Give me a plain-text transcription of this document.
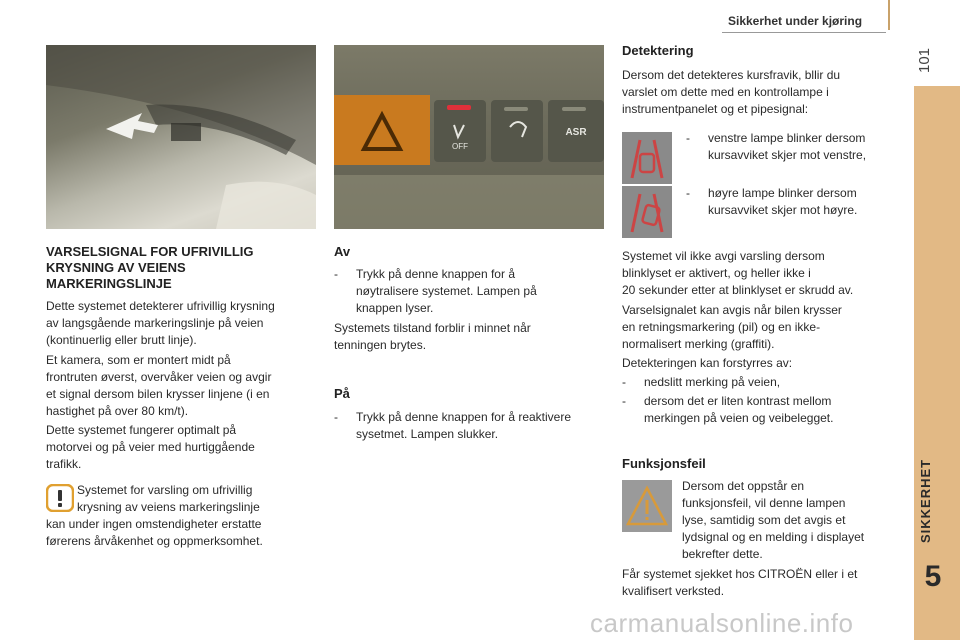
Sikkerhet under kjøring
101
SIKKERHET
5
OFF
ASR
VARSELSIGNAL FOR UFRIVILLIG
KRYSNING AV VEIENS
MARKERINGSLINJE

Dette systemet detekterer ufrivillig krysning

av langsgående markeringslinje på veien

(kontinuerlig eller brutt linje).

Et kamera, som er montert midt på

frontruten øverst, overvåker veien og avgir

et signal dersom bilen krysser linjene (i en

hastighet på over 80 km/t).

Dette systemet fungerer optimalt på

motorvei og på veier med hurtiggående

trafikk.

Systemet for varsling om ufrivillig

krysning av veiens markeringslinje

kan under ingen omstendigheter erstatte

førerens årvåkenhet og oppmerksomhet.

Av
- Trykk på denne knappen for å

nøytralisere systemet. Lampen på

knappen lyser.

Systemets tilstand forblir i minnet når

tenningen brytes.

På
- Trykk på denne knappen for å reaktivere

sysetmet. Lampen slukker.

Detektering

Dersom det detekteres kursfravik, bllir du

varslet om dette med en kontrollampe i

instrumentpanelet og et pipesignal:

- venstre lampe blinker dersom

kursavviket skjer mot venstre,

- høyre lampe blinker dersom

kursavviket skjer mot høyre.

Systemet vil ikke avgi varsling dersom

blinklyset er aktivert, og heller ikke i

20 sekunder etter at blinklyset er skrudd av.

Varselsignalet kan avgis når bilen krysser

en retningsmarkering (pil) og en ikke-

normalisert merking (graffiti).

Detekteringen kan forstyrres av:

- nedslitt merking på veien,

- dersom det er liten kontrast mellom

merkingen på veien og veibelegget.

Funksjonsfeil

Dersom det oppstår en

funksjonsfeil, vil denne lampen

lyse, samtidig som det avgis et

lydsignal og en melding i displayet

bekrefter dette.

Får systemet sjekket hos CITROËN eller i et

kvalifisert verksted.

carmanualsonline.info
